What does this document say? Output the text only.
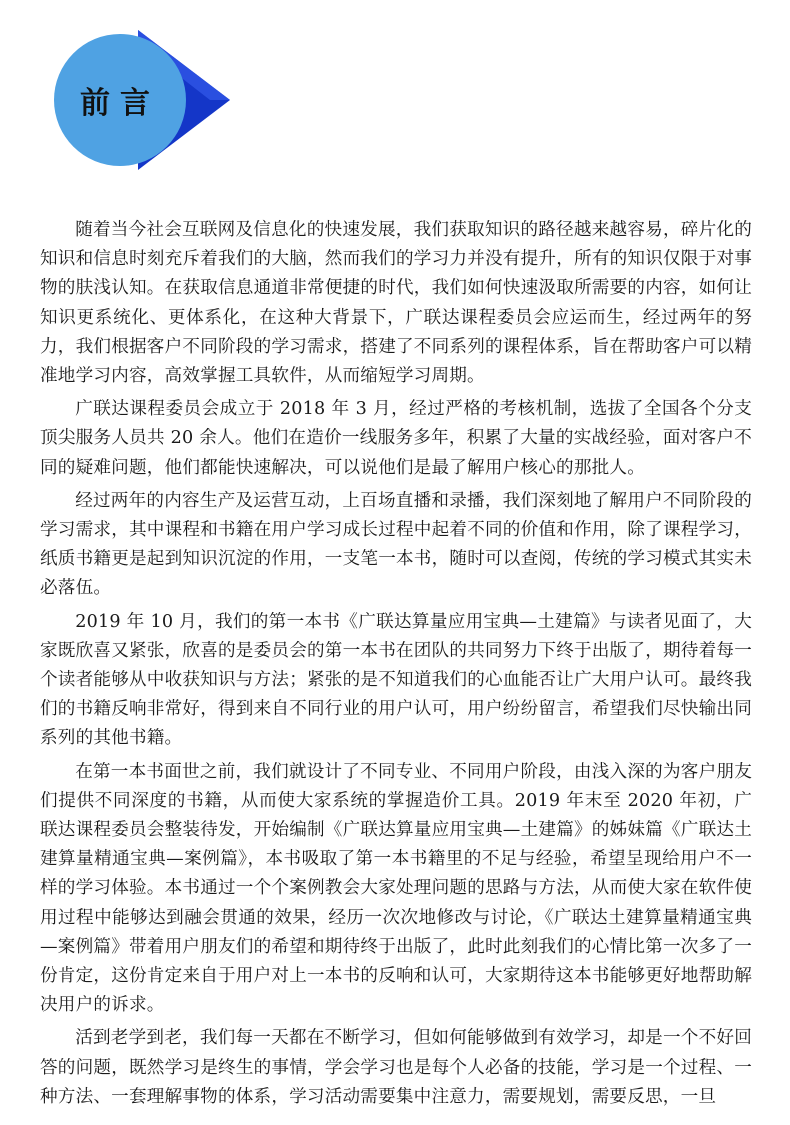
前言

随着当今社会互联网及信息化的快速发展，我们获取知识的路径越来越容易，碎片化的知识和信息时刻充斥着我们的大脑，然而我们的学习力并没有提升，所有的知识仅限于对事物的肤浅认知。在获取信息通道非常便捷的时代，我们如何快速汲取所需要的内容，如何让知识更系统化、更体系化，在这种大背景下，广联达课程委员会应运而生，经过两年的努力，我们根据客户不同阶段的学习需求，搭建了不同系列的课程体系，旨在帮助客户可以精准地学习内容，高效掌握工具软件，从而缩短学习周期。

广联达课程委员会成立于 2018 年 3 月，经过严格的考核机制，选拔了全国各个分支顶尖服务人员共 20 余人。他们在造价一线服务多年，积累了大量的实战经验，面对客户不同的疑难问题，他们都能快速解决，可以说他们是最了解用户核心的那批人。

经过两年的内容生产及运营互动，上百场直播和录播，我们深刻地了解用户不同阶段的学习需求，其中课程和书籍在用户学习成长过程中起着不同的价值和作用，除了课程学习，纸质书籍更是起到知识沉淀的作用，一支笔一本书，随时可以查阅，传统的学习模式其实未必落伍。

2019 年 10 月，我们的第一本书《广联达算量应用宝典—土建篇》与读者见面了，大家既欣喜又紧张，欣喜的是委员会的第一本书在团队的共同努力下终于出版了，期待着每一个读者能够从中收获知识与方法；紧张的是不知道我们的心血能否让广大用户认可。最终我们的书籍反响非常好，得到来自不同行业的用户认可，用户纷纷留言，希望我们尽快输出同系列的其他书籍。

在第一本书面世之前，我们就设计了不同专业、不同用户阶段，由浅入深的为客户朋友们提供不同深度的书籍，从而使大家系统的掌握造价工具。2019 年末至 2020 年初，广联达课程委员会整装待发，开始编制《广联达算量应用宝典—土建篇》的姊妹篇《广联达土建算量精通宝典—案例篇》，本书吸取了第一本书籍里的不足与经验，希望呈现给用户不一样的学习体验。本书通过一个个案例教会大家处理问题的思路与方法，从而使大家在软件使用过程中能够达到融会贯通的效果，经历一次次地修改与讨论，《广联达土建算量精通宝典—案例篇》带着用户朋友们的希望和期待终于出版了，此时此刻我们的心情比第一次多了一份肯定，这份肯定来自于用户对上一本书的反响和认可，大家期待这本书能够更好地帮助解决用户的诉求。

活到老学到老，我们每一天都在不断学习，但如何能够做到有效学习，却是一个不好回答的问题，既然学习是终生的事情，学会学习也是每个人必备的技能，学习是一个过程、一种方法、一套理解事物的体系，学习活动需要集中注意力，需要规划，需要反思，一旦
